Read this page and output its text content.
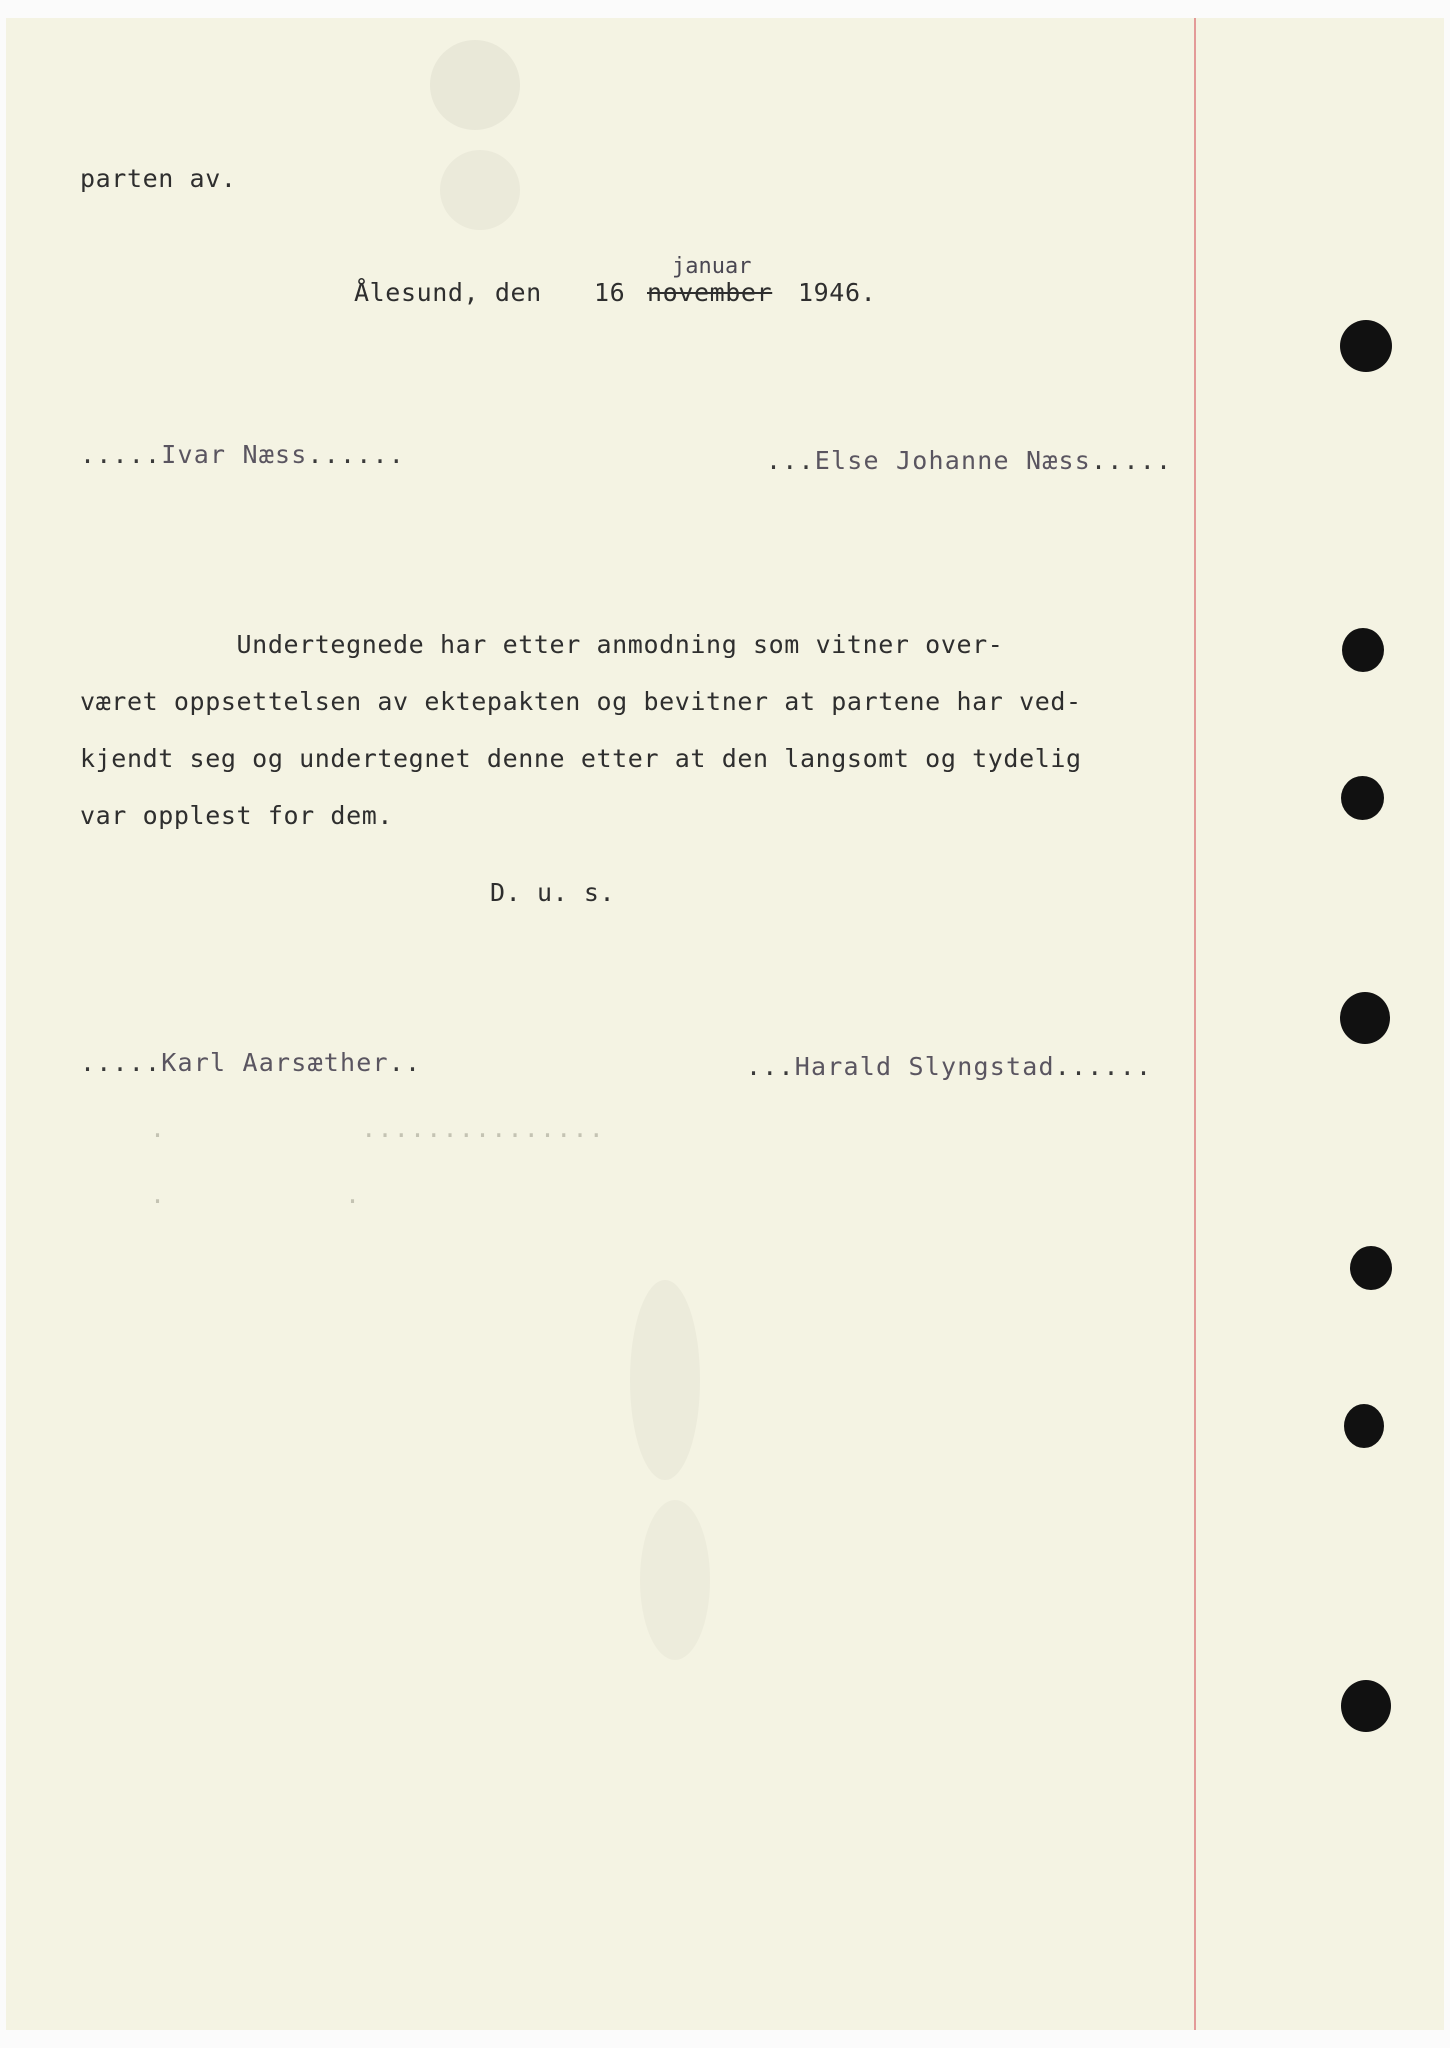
parten av.
Ålesund, den 16 november
januar
1946.
.....Ivar Næss......	...Else Johanne Næss.....
Undertegnede har etter anmodning som vitner over-
været oppsettelsen av ektepakten og bevitner at partene har ved-
kjendt seg og undertegnet denne etter at den langsomt og tydelig
var opplest for dem.
D. u. s.
.....Karl Aarsæther..	...Harald Slyngstad......
.            ...............
.           .
